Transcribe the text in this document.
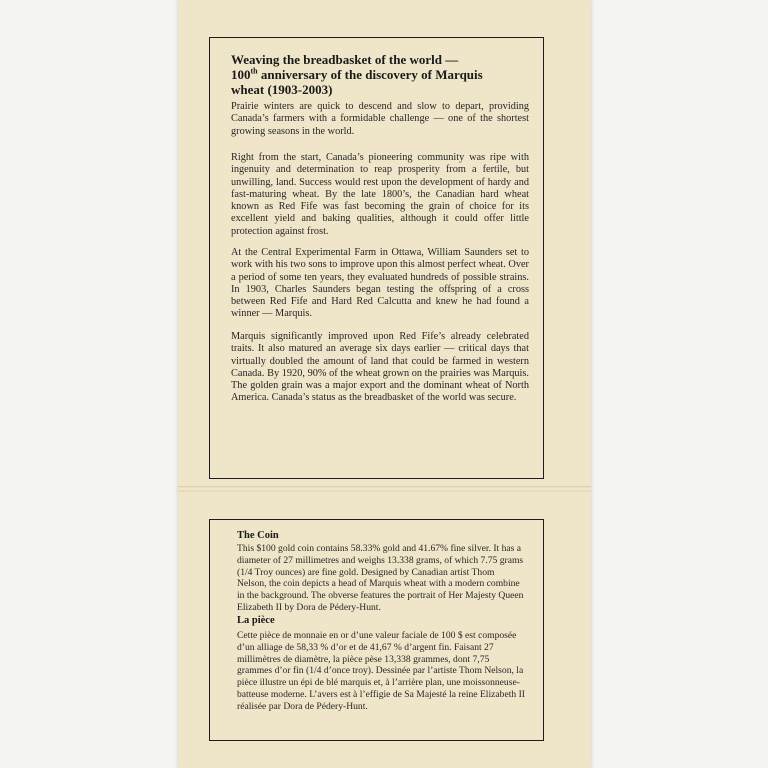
Weaving the breadbasket of the world —
100th anniversary of the discovery of Marquis
wheat (1903-2003)
Prairie winters are quick to descend and slow to depart, providing Canada’s farmers with a formidable challenge — one of the shortest growing seasons in the world.
Right from the start, Canada’s pioneering community was ripe with ingenuity and determination to reap prosperity from a fertile, but unwilling, land. Success would rest upon the development of hardy and fast-maturing wheat. By the late 1800’s, the Canadian hard wheat known as Red Fife was fast becoming the grain of choice for its excellent yield and baking qualities, although it could offer little protection against frost.
At the Central Experimental Farm in Ottawa, William Saunders set to work with his two sons to improve upon this almost perfect wheat. Over a period of some ten years, they evaluated hundreds of possible strains. In 1903, Charles Saunders began testing the offspring of a cross between Red Fife and Hard Red Calcutta and knew he had found a winner — Marquis.
Marquis significantly improved upon Red Fife’s already celebrated traits. It also matured an average six days earlier — critical days that virtually doubled the amount of land that could be farmed in western Canada. By 1920, 90% of the wheat grown on the prairies was Marquis. The golden grain was a major export and the dominant wheat of North America. Canada’s status as the breadbasket of the world was secure.
The Coin
This $100 gold coin contains 58.33% gold and 41.67% fine silver. It has a diameter of 27 millimetres and weighs 13.338 grams, of which 7.75 grams (1/4 Troy ounces) are fine gold. Designed by Canadian artist Thom Nelson, the coin depicts a head of Marquis wheat with a modern combine in the background. The obverse features the portrait of Her Majesty Queen Elizabeth II by Dora de Pédery-Hunt.
La pièce
Cette pièce de monnaie en or d’une valeur faciale de 100 $ est composée d’un alliage de 58,33 % d’or et de 41,67 % d’argent fin. Faisant 27 millimètres de diamètre, la pièce pèse 13,338 grammes, dont 7,75 grammes d’or fin (1/4 d’once troy). Dessinée par l’artiste Thom Nelson, la pièce illustre un épi de blé marquis et, à l’arrière plan, une moissonneuse-batteuse moderne. L’avers est à l’effigie de Sa Majesté la reine Elizabeth II réalisée par Dora de Pédery-Hunt.
